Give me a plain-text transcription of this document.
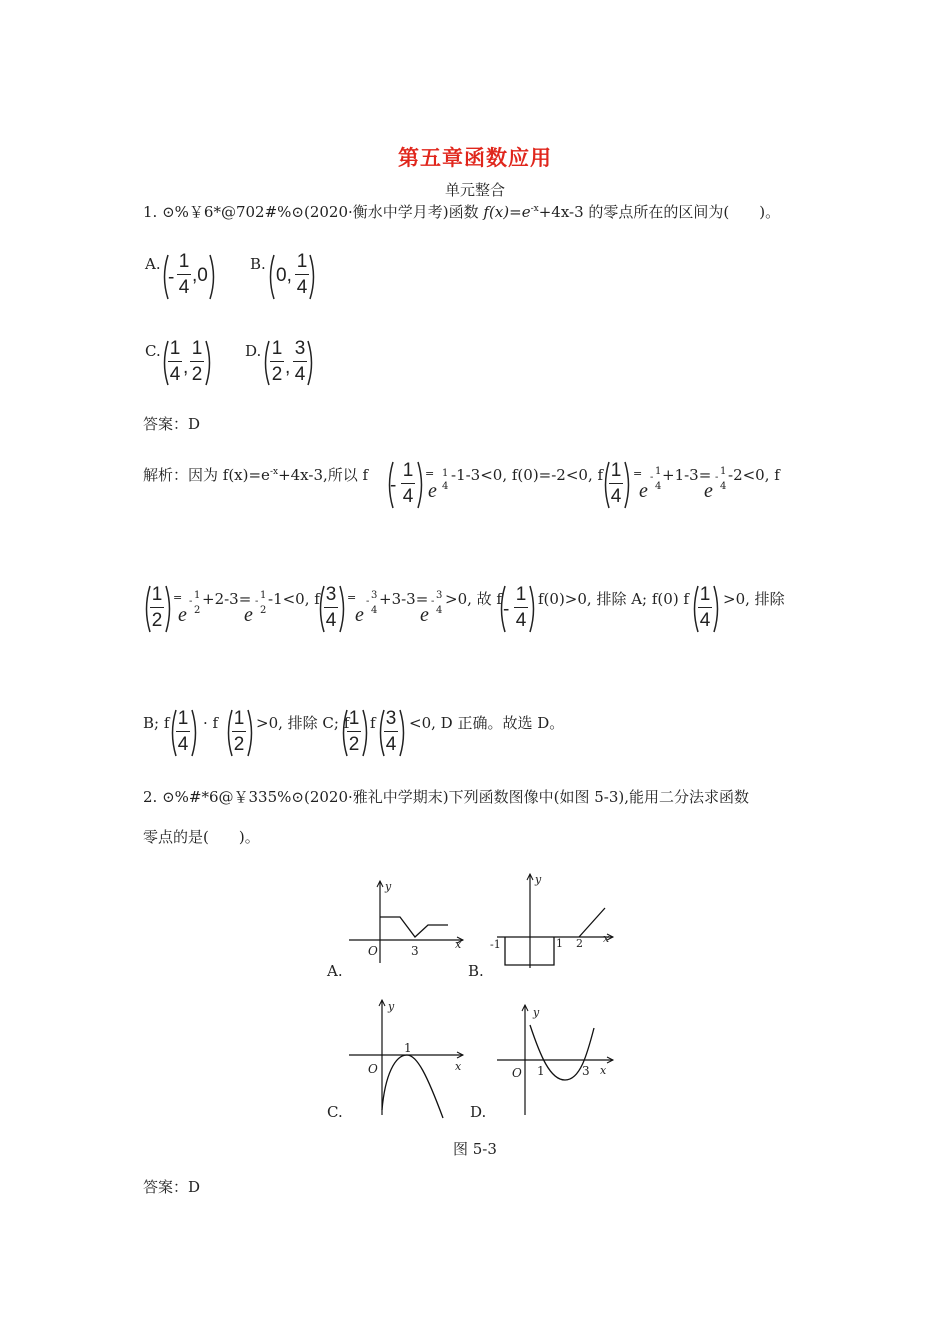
第五章函数应用
单元整合
1. ⊙%￥6*@702#%⊙(2020·衡水中学月考)函数 $f(x)=e^{-x}+4x-3$ 的零点所在的区间为(　　)。
A.
-
1
4
,0
B.
0,
1
4
C. 1
4 ,
1
2
D. 1
2 ,
3
4
答案：D
解析：因为 $f(x)=e^{-x}+4x-3$,所以 f -
1
4
=
e
1
4
-1-3<0, f(0)=-2<0, f 1
4
=
e
-
1
4
+1-3=
e
-
1
4
-2<0, f
1
2
=
e
-
1
2
+2-3=
e
-
1
2
-1<0, f 3
4
=
e
-
3
4
+3-3=
e
-
3
4
>0, 故 f -
1
4
f(0)>0, 排除 A; f(0) f 1
4
>0, 排除
B; f 1
4
· f 1
2
>0, 排除 C; f 1
2
f 3
4
<0, D 正确。故选 D。
2. ⊙%#*6@￥335%⊙(2020·雅礼中学期末)下列函数图像中(如图 5-3),能用二分法求函数
零点的是(　　)。
y
x
O	3
A.
y
x
-1	1 2
B.
y
x
O
1
C.
y
x
O 1	3
D.
图 5-3
答案：D
